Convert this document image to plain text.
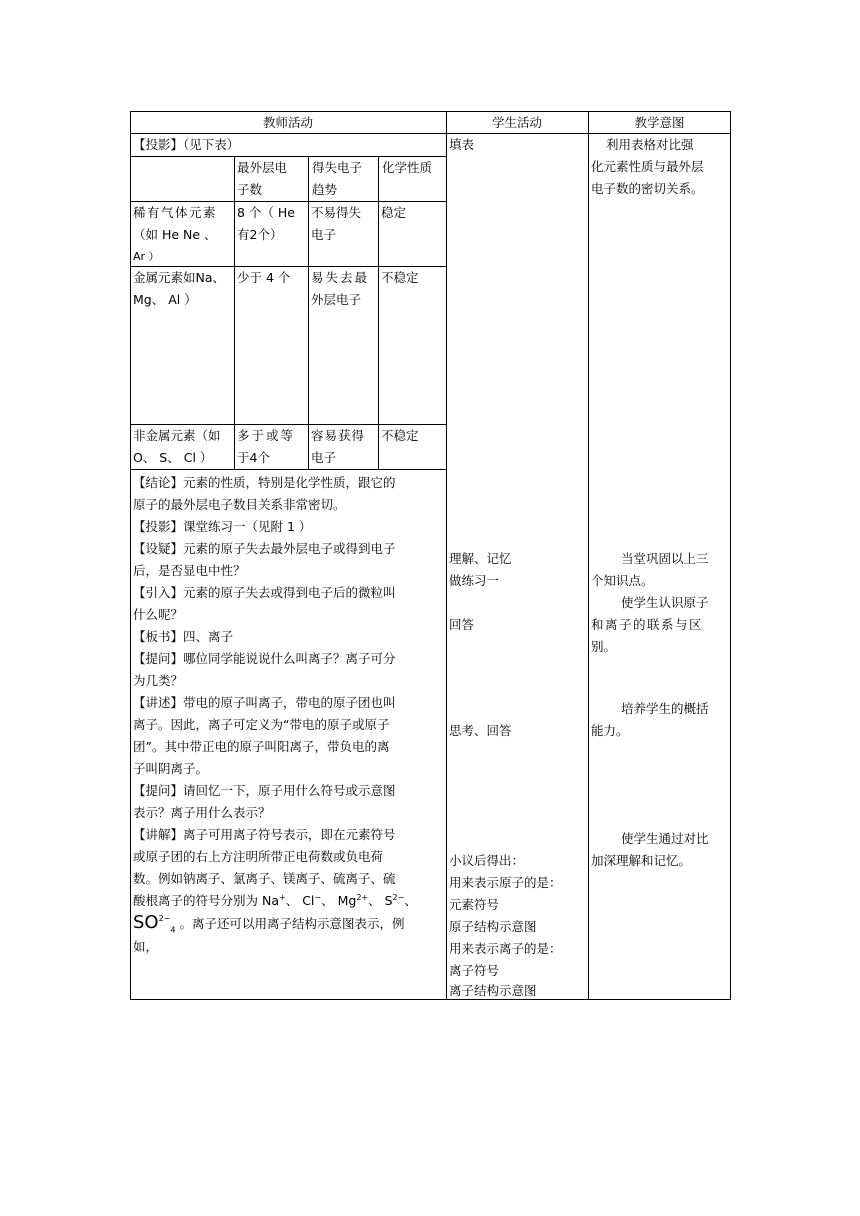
教师活动	学生活动	教学意图
【投影】（见下表）
最外层电
子数
得失电子
趋势
化学性质
稀有气体元素
（如 He Ne 、
Ar ）
8 个（ He
有2个）
不易得失
电子
稳定
金属元素如Na、
Mg、 Al ）
少于 4 个 易失去最
外层电子
不稳定
非金属元素（如
O、 S、 Cl ）
多于或等
于4个
容易获得
电子
不稳定
【结论】元素的性质，特别是化学性质，跟它的
原子的最外层电子数目关系非常密切。
【投影】课堂练习一（见附 1 ）
【设疑】元素的原子失去最外层电子或得到电子
后，是否显电中性？
【引入】元素的原子失去或得到电子后的微粒叫
什么呢？
【板书】四、离子
【提问】哪位同学能说说什么叫离子？离子可分
为几类？
【讲述】带电的原子叫离子，带电的原子团也叫
离子。因此，离子可定义为“带电的原子或原子
团”。其中带正电的原子叫阳离子，带负电的离
子叫阴离子。
【提问】请回忆一下，原子用什么符号或示意图
表示？离子用什么表示？
【讲解】离子可用离子符号表示，即在元素符号
或原子团的右上方注明所带正电荷数或负电荷
数。例如钠离子、氯离子、镁离子、硫离子、硫
酸根离子的符号分别为 Na+、 Cl−、 $Mg^{2+}$、 $S^{2-}$、
$SO^{2-}_4$ 。离子还可以用离子结构示意图表示，例
如，
填表
理解、记忆
做练习一
回答
思考、回答
小议后得出：
用来表示原子的是：
元素符号
原子结构示意图
用来表示离子的是：
离子符号
离子结构示意图
利用表格对比强
化元素性质与最外层
电子数的密切关系。
当堂巩固以上三
个知识点。
使学生认识原子
和离子的联系与区
别。
培养学生的概括
能力。
使学生通过对比
加深理解和记忆。
